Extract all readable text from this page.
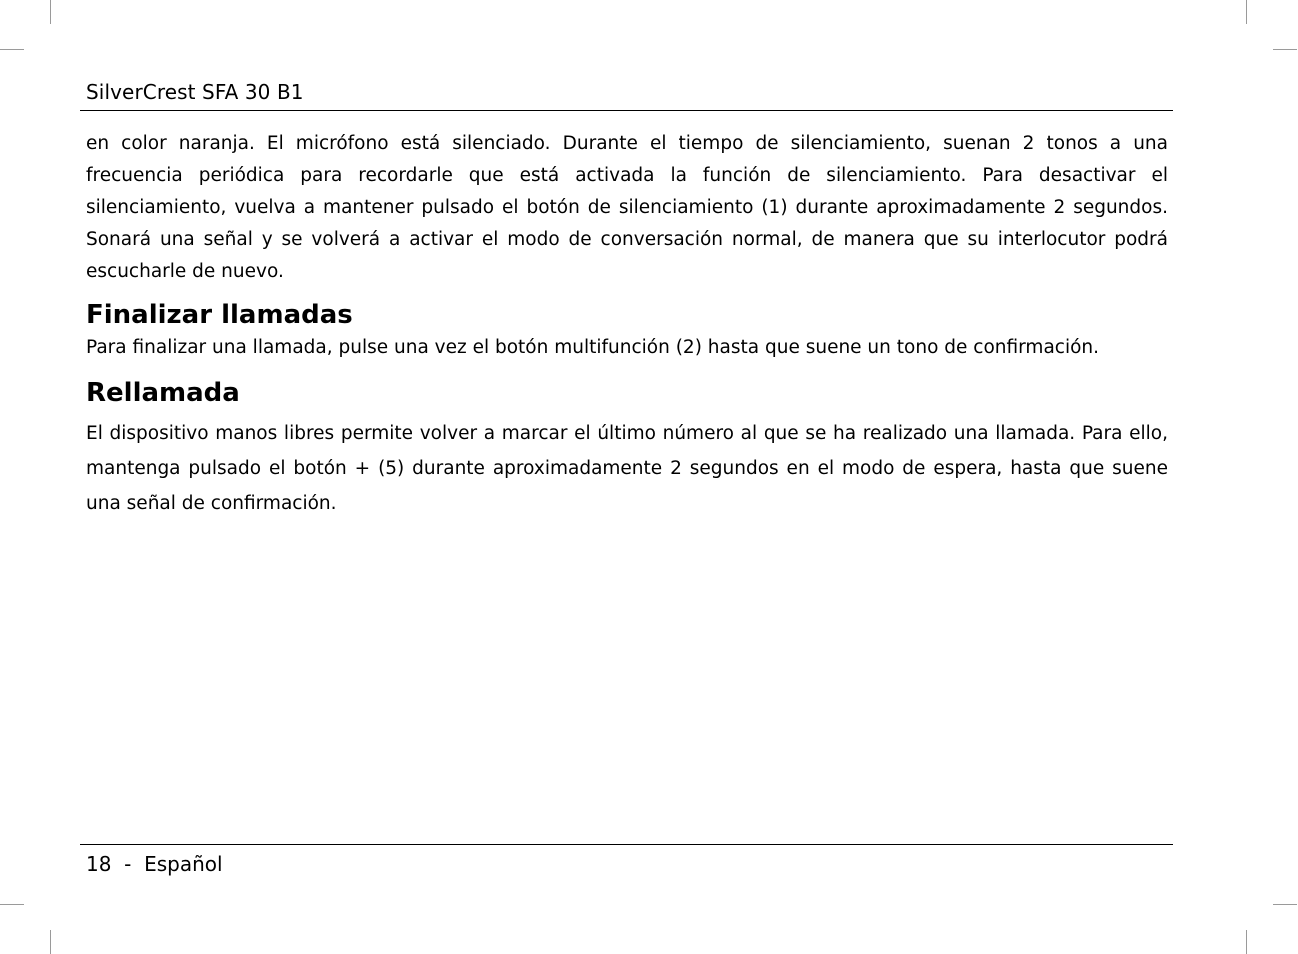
SilverCrest SFA 30 B1

en color naranja. El micrófono está silenciado. Durante el tiempo de silenciamiento, suenan 2 tonos a una frecuencia periódica para recordarle que está activada la función de silenciamiento. Para desactivar el silenciamiento, vuelva a mantener pulsado el botón de silenciamiento (1) durante aproximadamente 2 segundos. Sonará una señal y se volverá a activar el modo de conversación normal, de manera que su interlocutor podrá escucharle de nuevo.

Finalizar llamadas

Para finalizar una llamada, pulse una vez el botón multifunción (2) hasta que suene un tono de confirmación.

Rellamada

El dispositivo manos libres permite volver a marcar el último número al que se ha realizado una llamada. Para ello, mantenga pulsado el botón + (5) durante aproximadamente 2 segundos en el modo de espera, hasta que suene una señal de confirmación.

18  -  Español
